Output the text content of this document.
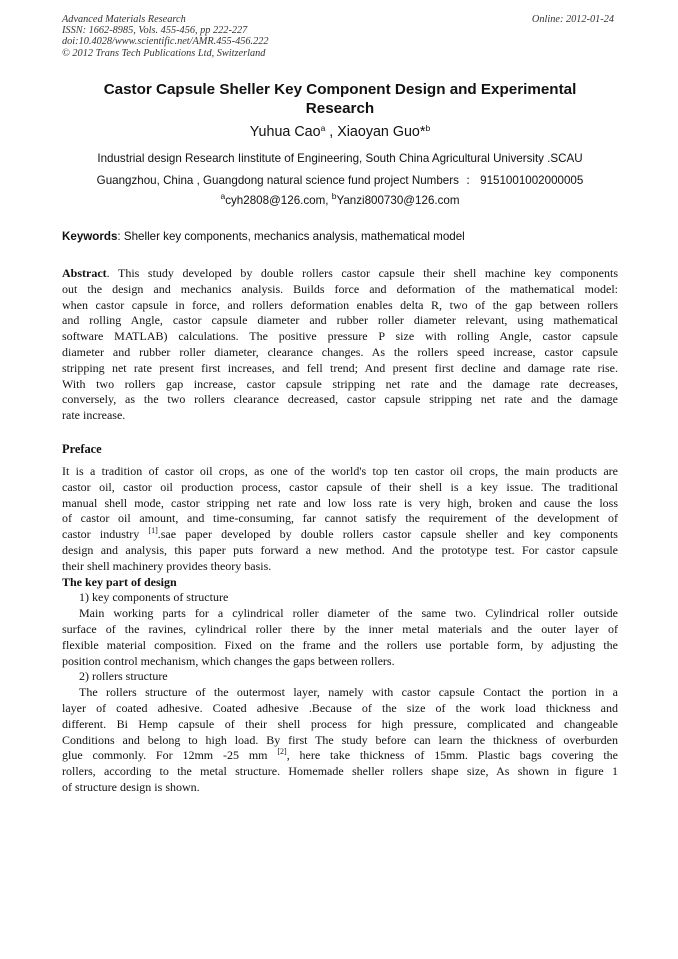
Advanced Materials Research
ISSN: 1662-8985, Vols. 455-456, pp 222-227
doi:10.4028/www.scientific.net/AMR.455-456.222
© 2012 Trans Tech Publications Ltd, Switzerland
Online: 2012-01-24
Castor Capsule Sheller Key Component Design and Experimental
Research
Yuhua Cao$^a$ , Xiaoyan Guo*$^b$
Industrial design Research Iinstitute of Engineering, South China Agricultural University .SCAU
Guangzhou, China , Guangdong natural science fund project Numbers  ： 9151001002000005
$^a$cyh2808@126.com, $^b$Yanzi800730@126.com
Keywords: Sheller key components, mechanics analysis, mathematical model
Abstract. This study developed by double rollers castor capsule their shell machine key components
out the design and mechanics analysis. Builds force and deformation of the mathematical model:
when castor capsule in force, and rollers deformation enables delta R, two of the gap between rollers
and rolling Angle, castor capsule diameter and rubber roller diameter relevant, using mathematical
software MATLAB) calculations. The positive pressure P size with rolling Angle, castor capsule
diameter and rubber roller diameter, clearance changes. As the rollers speed increase, castor capsule
stripping net rate present first increases, and fell trend; And present first decline and damage rate rise.
With two rollers gap increase, castor capsule stripping net rate and the damage rate decreases,
conversely, as the two rollers clearance decreased, castor capsule stripping net rate and the damage
rate increase.
Preface
It is a tradition of castor oil crops, as one of the world's top ten castor oil crops, the main products are
castor oil, castor oil production process, castor capsule of their shell is a key issue. The traditional
manual shell mode, castor stripping net rate and low loss rate is very high, broken and cause the loss
of castor oil amount, and time-consuming, far cannot satisfy the requirement of the development of
castor industry [1].sae paper developed by double rollers castor capsule sheller and key components
design and analysis, this paper puts forward a new method. And the prototype test. For castor capsule
their shell machinery provides theory basis.
The key part of design
1) key components of structure
Main working parts for a cylindrical roller diameter of the same two. Cylindrical roller outside
surface of the ravines, cylindrical roller there by the inner metal materials and the outer layer of
flexible material composition. Fixed on the frame and the rollers use portable form, by adjusting the
position control mechanism, which changes the gaps between rollers.
2) rollers structure
The rollers structure of the outermost layer, namely with castor capsule Contact the portion in a
layer of coated adhesive. Coated adhesive .Because of the size of the work load thickness and
different. Bi Hemp capsule of their shell process for high pressure, complicated and changeable
Conditions and belong to high load. By first The study before can learn the thickness of overburden
glue commonly. For 12mm -25 mm [2], here take thickness of 15mm. Plastic bags covering the
rollers, according to the metal structure. Homemade sheller rollers shape size, As shown in figure 1
of structure design is shown.
